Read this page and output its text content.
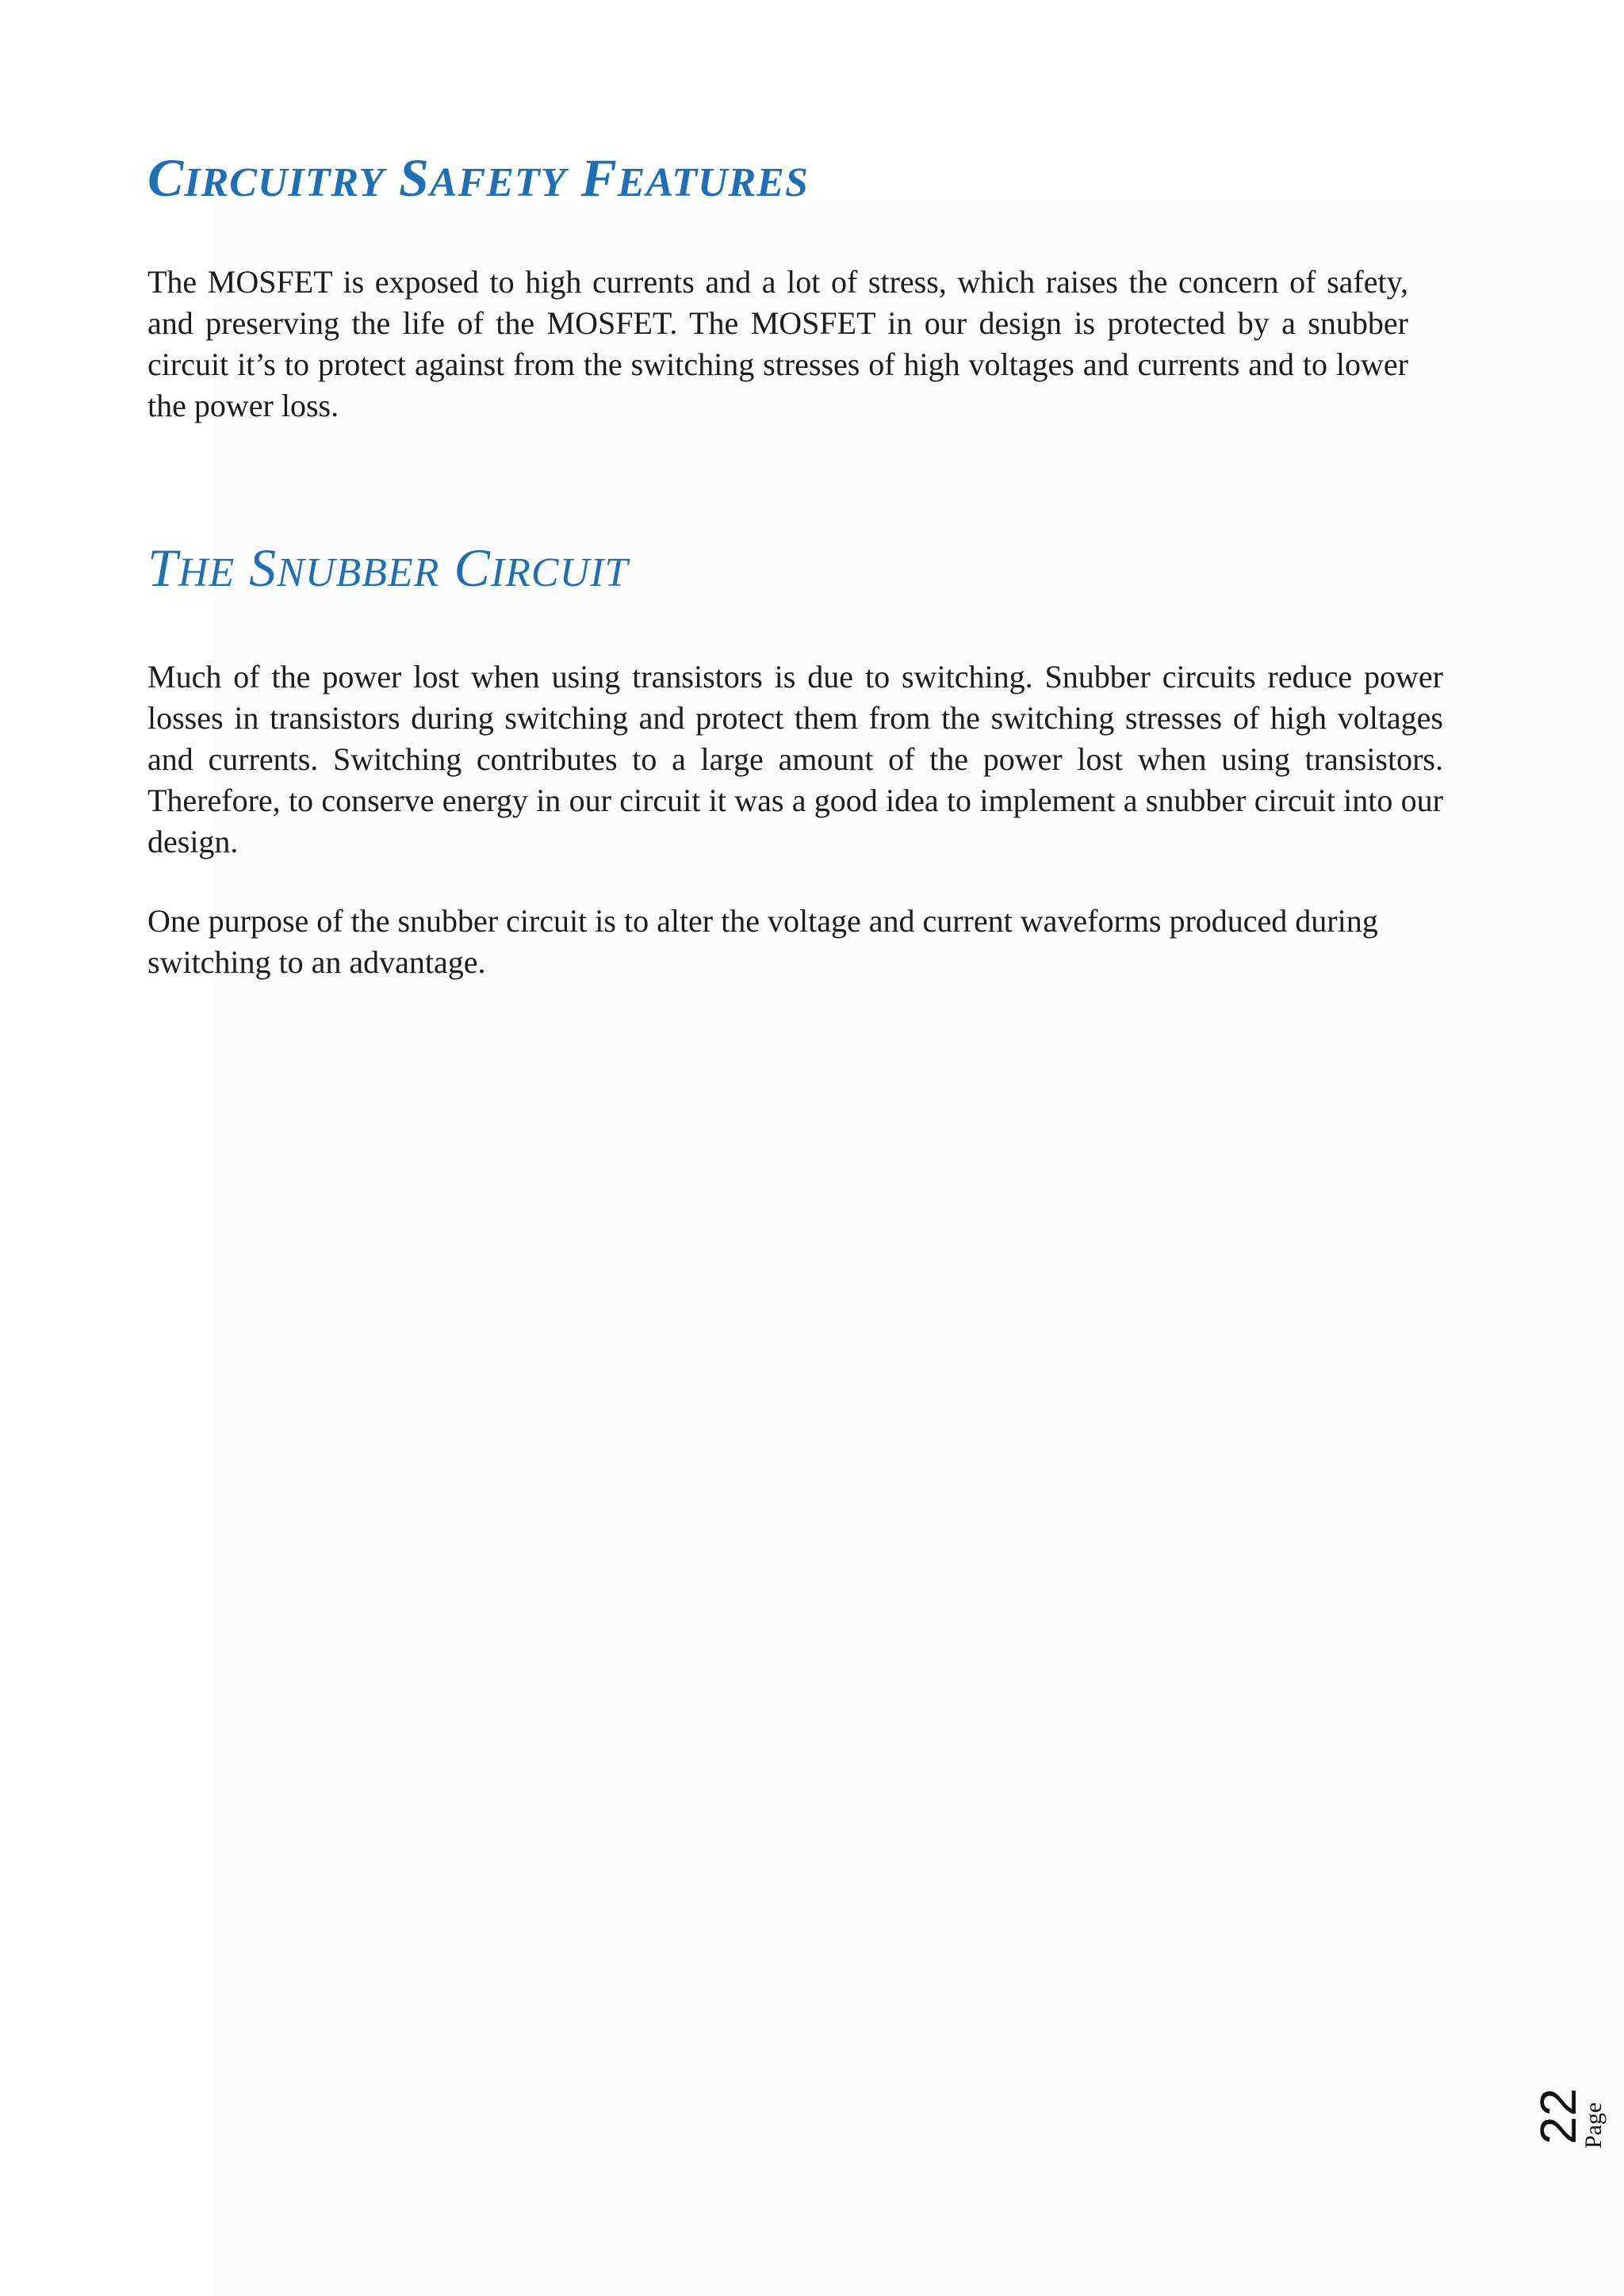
CIRCUITRY SAFETY FEATURES

The MOSFET is exposed to high currents and a lot of stress, which raises the concern of safety, and preserving the life of the MOSFET. The MOSFET in our design is protected by a snubber circuit it’s to protect against from the switching stresses of high voltages and currents and to lower the power loss.

THE SNUBBER CIRCUIT

Much of the power lost when using transistors is due to switching. Snubber circuits reduce power losses in transistors during switching and protect them from the switching stresses of high voltages and currents. Switching contributes to a large amount of the power lost when using transistors. Therefore, to conserve energy in our circuit it was a good idea to implement a snubber circuit into our design.

One purpose of the snubber circuit is to alter the voltage and current waveforms produced during switching to an advantage.

22
Page
